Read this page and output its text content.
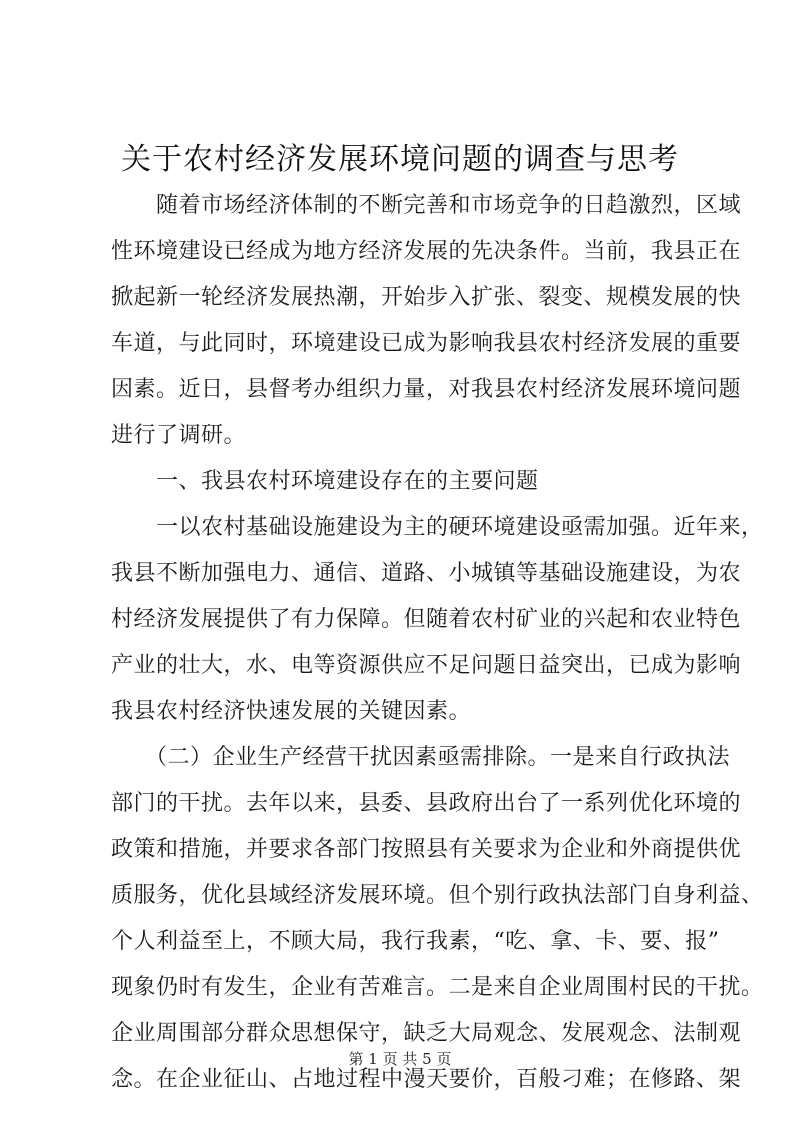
关于农村经济发展环境问题的调查与思考
　　随着市场经济体制的不断完善和市场竞争的日趋激烈，区域
性环境建设已经成为地方经济发展的先决条件。当前，我县正在
掀起新一轮经济发展热潮，开始步入扩张、裂变、规模发展的快
车道，与此同时，环境建设已成为影响我县农村经济发展的重要
因素。近日，县督考办组织力量，对我县农村经济发展环境问题
进行了调研。
　　一、我县农村环境建设存在的主要问题
　　一以农村基础设施建设为主的硬环境建设亟需加强。近年来，
我县不断加强电力、通信、道路、小城镇等基础设施建设，为农
村经济发展提供了有力保障。但随着农村矿业的兴起和农业特色
产业的壮大，水、电等资源供应不足问题日益突出，已成为影响
我县农村经济快速发展的关键因素。
　　（二）企业生产经营干扰因素亟需排除。一是来自行政执法
部门的干扰。去年以来，县委、县政府出台了一系列优化环境的
政策和措施，并要求各部门按照县有关要求为企业和外商提供优
质服务，优化县域经济发展环境。但个别行政执法部门自身利益、
个人利益至上，不顾大局，我行我素，“吃、拿、卡、要、报”
现象仍时有发生，企业有苦难言。二是来自企业周围村民的干扰。
企业周围部分群众思想保守，缺乏大局观念、发展观念、法制观
念。在企业征山、占地过程中漫天要价，百般刁难；在修路、架
第 1 页 共 5 页
